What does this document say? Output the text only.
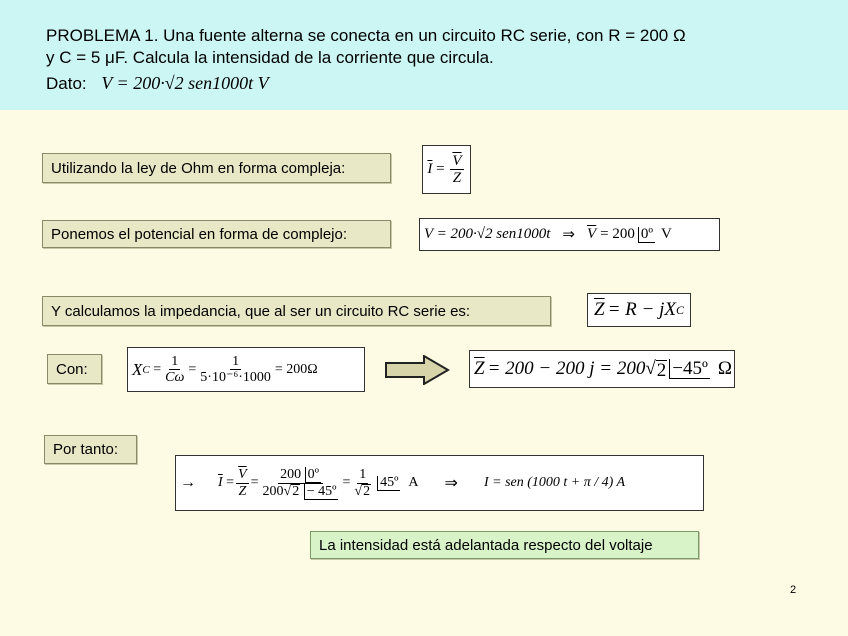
PROBLEMA 1. Una fuente alterna se conecta en un circuito RC serie, con R = 200 Ω
y C = 5 μF. Calcula la intensidad de la corriente que circula.
Dato: V = 200·√2 sen1000t V
Utilizando la ley de Ohm en forma compleja:	$\overline{I} = \frac{\overline{V}}{Z}$
Ponemos el potencial en forma de complejo:	V = 200·√2 sen1000t ⇒ $\overline{V} = 200$ 0º V
Y calculamos la impedancia, que al ser un circuito RC serie es:	$\overline{Z} = R$ − jX C
Con:	X $C = \frac{1}{C\omega} = \frac{1}{\text{5·10⁻⁶·1000}} = 200\Omega$	$\overline{Z} = 200 - 200$ j = 200 √ 2 −45º Ω
Por tanto:
→ $\overline{I} = \frac{\overline{V}}{Z} = \frac{\text{200 0º}}{\text{200√ 2 − 45º}} = \frac{1}{√ 2}$ 45º A ⇒ I = sen (1000 t + π / 4) A
La intensidad está adelantada respecto del voltaje
2
